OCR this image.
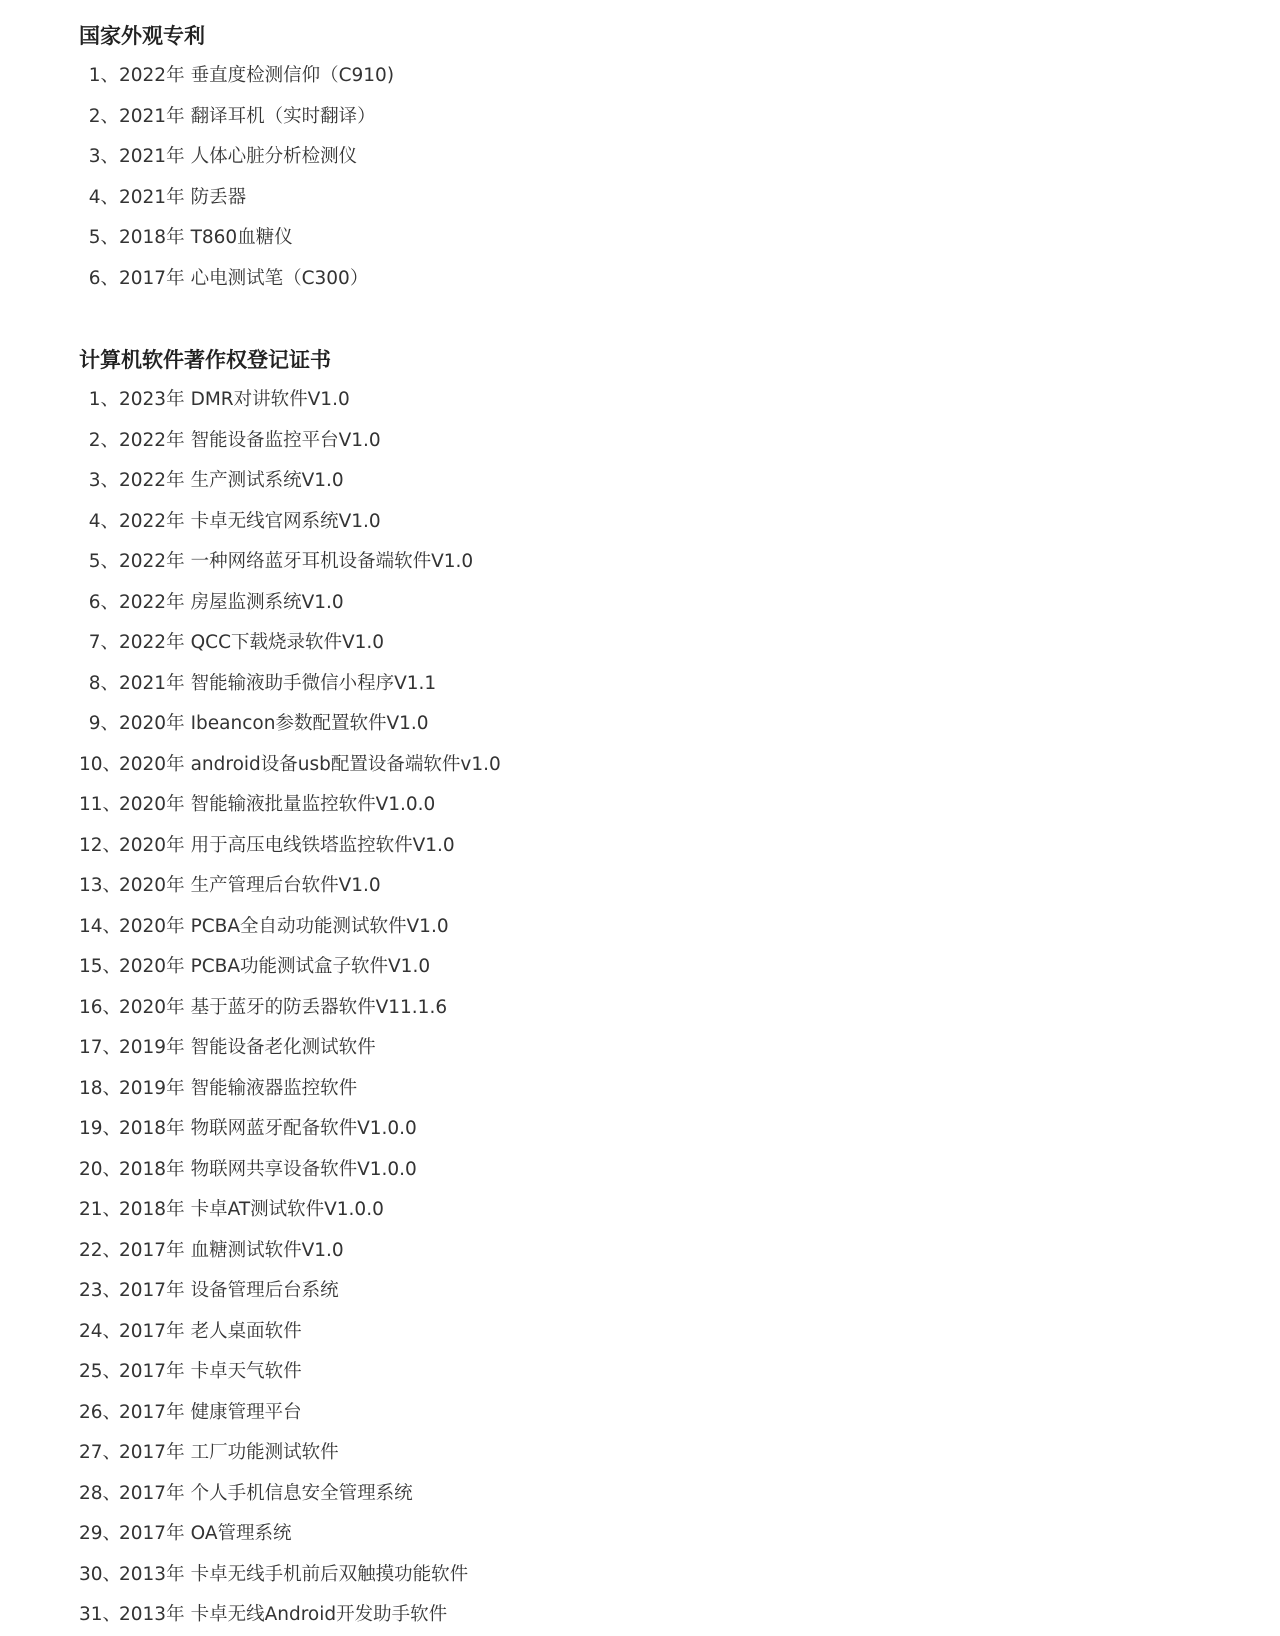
国家外观专利
1、2022年 垂直度检测信仰（C910)
2、2021年 翻译耳机（实时翻译）
3、2021年 人体心脏分析检测仪
4、2021年 防丢器
5、2018年 T860血糖仪
6、2017年 心电测试笔（C300）
计算机软件著作权登记证书
1、2023年 DMR对讲软件V1.0
2、2022年 智能设备监控平台V1.0
3、2022年 生产测试系统V1.0
4、2022年 卡卓无线官网系统V1.0
5、2022年 一种网络蓝牙耳机设备端软件V1.0
6、2022年 房屋监测系统V1.0
7、2022年 QCC下载烧录软件V1.0
8、2021年 智能输液助手微信小程序V1.1
9、2020年 Ibeancon参数配置软件V1.0
10、2020年 android设备usb配置设备端软件v1.0
11、2020年 智能输液批量监控软件V1.0.0
12、2020年 用于高压电线铁塔监控软件V1.0
13、2020年 生产管理后台软件V1.0
14、2020年 PCBA全自动功能测试软件V1.0
15、2020年 PCBA功能测试盒子软件V1.0
16、2020年 基于蓝牙的防丢器软件V11.1.6
17、2019年 智能设备老化测试软件
18、2019年 智能输液器监控软件
19、2018年 物联网蓝牙配备软件V1.0.0
20、2018年 物联网共享设备软件V1.0.0
21、2018年 卡卓AT测试软件V1.0.0
22、2017年 血糖测试软件V1.0
23、2017年 设备管理后台系统
24、2017年 老人桌面软件
25、2017年 卡卓天气软件
26、2017年 健康管理平台
27、2017年 工厂功能测试软件
28、2017年 个人手机信息安全管理系统
29、2017年 OA管理系统
30、2013年 卡卓无线手机前后双触摸功能软件
31、2013年 卡卓无线Android开发助手软件
